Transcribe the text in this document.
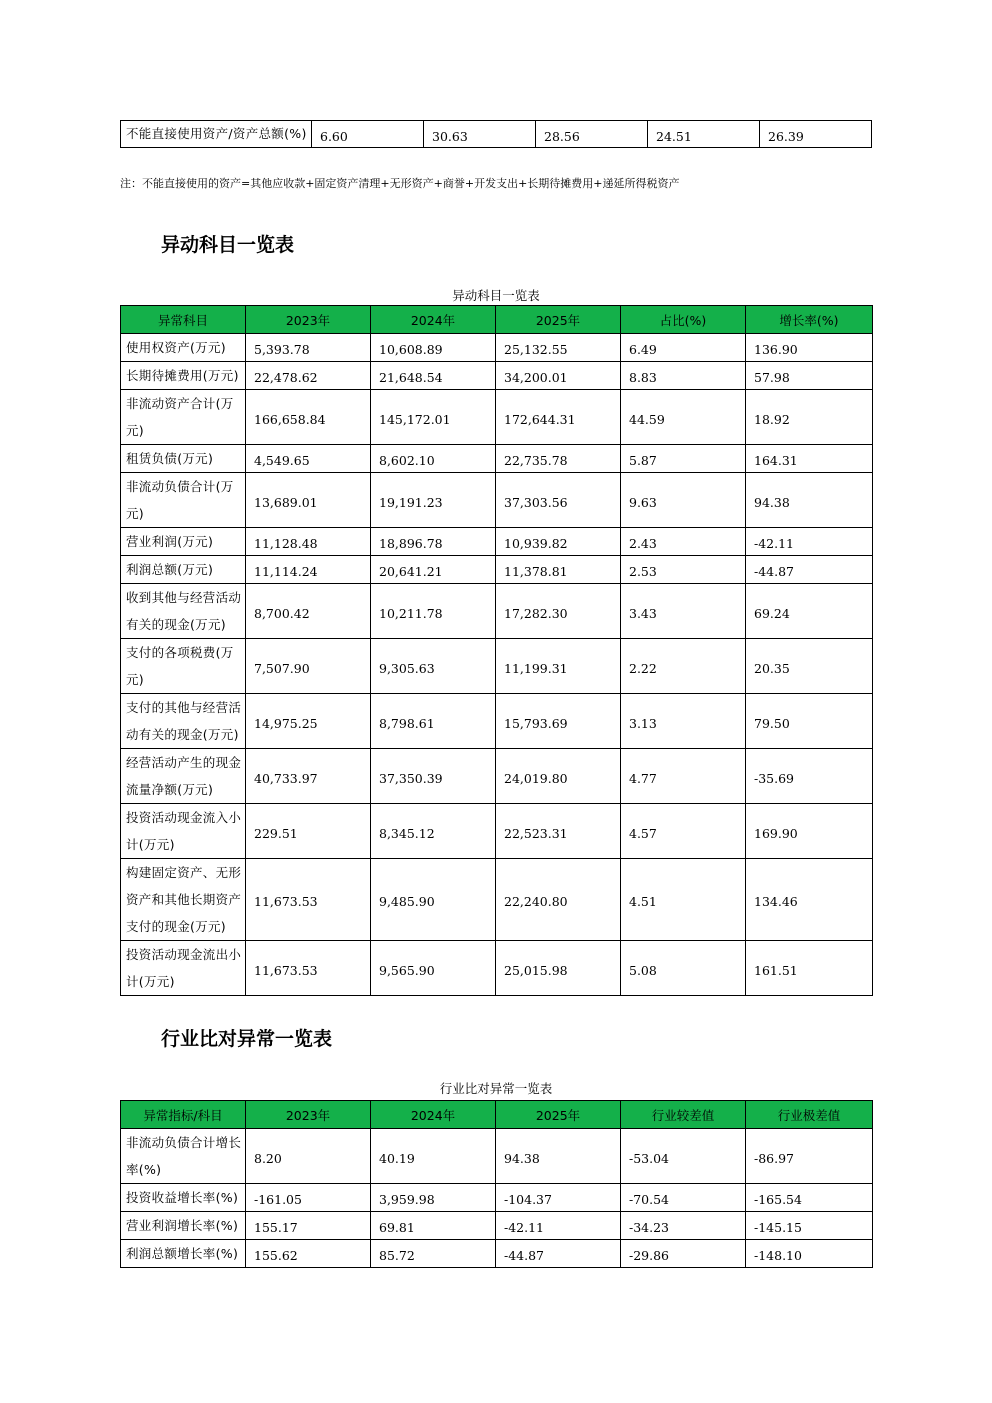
不能直接使用资产/资产总额(%)	6.60	30.63	28.56	24.51	26.39
注：不能直接使用的资产=其他应收款+固定资产清理+无形资产+商誉+开发支出+长期待摊费用+递延所得税资产
异动科目一览表
异动科目一览表
异常科目	2023年	2024年	2025年	占比(%)	增长率(%)
使用权资产(万元)	5,393.78	10,608.89	25,132.55	6.49	136.90
长期待摊费用(万元)	22,478.62	21,648.54	34,200.01	8.83	57.98
非流动资产合计(万元)	166,658.84	145,172.01	172,644.31	44.59	18.92
租赁负债(万元)	4,549.65	8,602.10	22,735.78	5.87	164.31
非流动负债合计(万元)	13,689.01	19,191.23	37,303.56	9.63	94.38
营业利润(万元)	11,128.48	18,896.78	10,939.82	2.43	-42.11
利润总额(万元)	11,114.24	20,641.21	11,378.81	2.53	-44.87
收到其他与经营活动有关的现金(万元)	8,700.42	10,211.78	17,282.30	3.43	69.24
支付的各项税费(万元)	7,507.90	9,305.63	11,199.31	2.22	20.35
支付的其他与经营活动有关的现金(万元)	14,975.25	8,798.61	15,793.69	3.13	79.50
经营活动产生的现金流量净额(万元)	40,733.97	37,350.39	24,019.80	4.77	-35.69
投资活动现金流入小计(万元)	229.51	8,345.12	22,523.31	4.57	169.90
构建固定资产、无形资产和其他长期资产支付的现金(万元)	11,673.53	9,485.90	22,240.80	4.51	134.46
投资活动现金流出小计(万元)	11,673.53	9,565.90	25,015.98	5.08	161.51
行业比对异常一览表
行业比对异常一览表
异常指标/科目	2023年	2024年	2025年	行业较差值	行业极差值
非流动负债合计增长率(%)	8.20	40.19	94.38	-53.04	-86.97
投资收益增长率(%)	-161.05	3,959.98	-104.37	-70.54	-165.54
营业利润增长率(%)	155.17	69.81	-42.11	-34.23	-145.15
利润总额增长率(%)	155.62	85.72	-44.87	-29.86	-148.10
